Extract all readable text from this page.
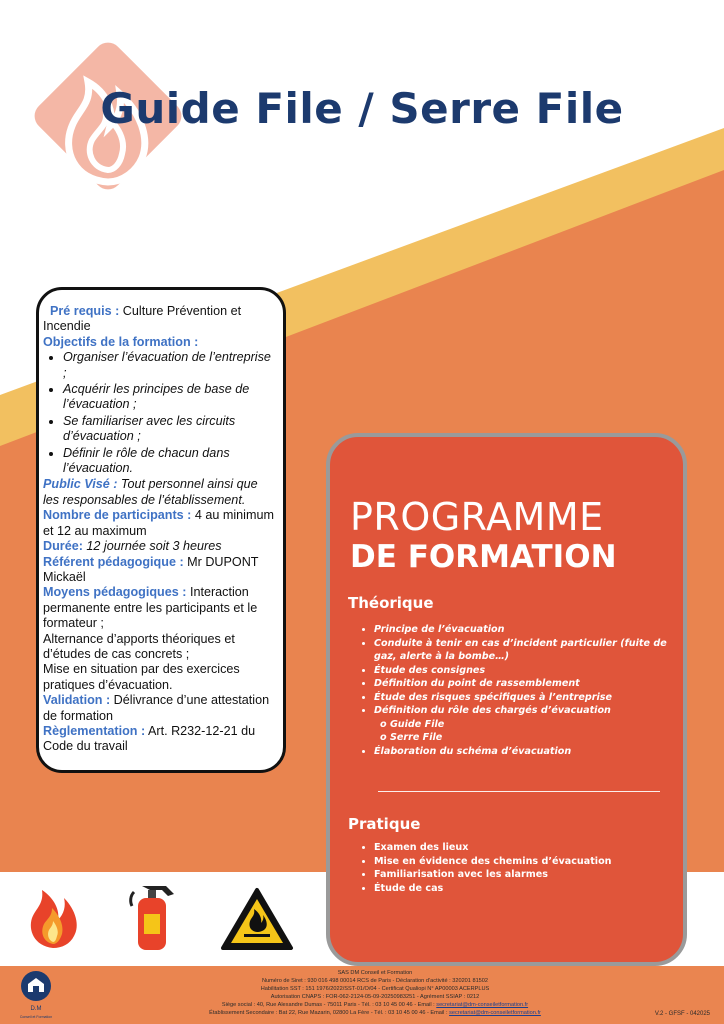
Guide File / Serre File

Pré requis : Culture Prévention et Incendie

Objectifs de la formation :

• Organiser l’évacuation de l’entreprise ;
• Acquérir les principes de base de l’évacuation ;
• Se familiariser avec les circuits d’évacuation ;
• Définir le rôle de chacun dans l’évacuation.

Public Visé : Tout personnel ainsi que les responsables de l’établissement.

Nombre de participants : 4 au minimum et 12 au maximum

Durée: 12 journée soit 3 heures

Référent pédagogique : Mr DUPONT Mickaël

Moyens pédagogiques : Interaction permanente entre les participants et le formateur ;

Alternance d’apports théoriques et d’études de cas concrets ;

Mise en situation par des exercices pratiques d’évacuation.

Validation : Délivrance d’une attestation de formation

Règlementation : Art. R232-12-21 du Code du travail

PROGRAMME
DE FORMATION
Théorique
• Principe de l’évacuation
• Conduite à tenir en cas d’incident particulier (fuite de gaz, alerte à la bombe…)
• Étude des consignes
• Définition du point de rassemblement
• Étude des risques spécifiques à l’entreprise
• Définition du rôle des chargés d’évacuation
o Guide File
o Serre File
• Élaboration du schéma d’évacuation
Pratique
• Examen des lieux
• Mise en évidence des chemins d’évacuation
• Familiarisation avec les alarmes
• Étude de cas
D.M
Conseil et Formation
SAS DM Conseil et Formation
Numéro de Siret : 930 016 498 00014 RCS de Paris - Déclaration d’activité : 320201 81502
Habilitation SST : 151 1976/2022/SST-01/O/04 - Certificat Qualiopi N° AP00003 ACERPLUS
Autorisation CNAPS : FOR-062-2124-05-09-20250983251 - Agrément SSIAP : 0212
Siège social : 40, Rue Alexandre Dumas - 75011 Paris - Tél. : 03 10 45 00 46 - Email : secretariat@dm-conseiletformation.fr
Établissement Secondaire : Bat 22, Rue Mazarin, 02800 La Fère - Tél. : 03 10 45 00 46 - Email : secretariat@dm-conseiletformation.fr	V.2 - GFSF - 042025
